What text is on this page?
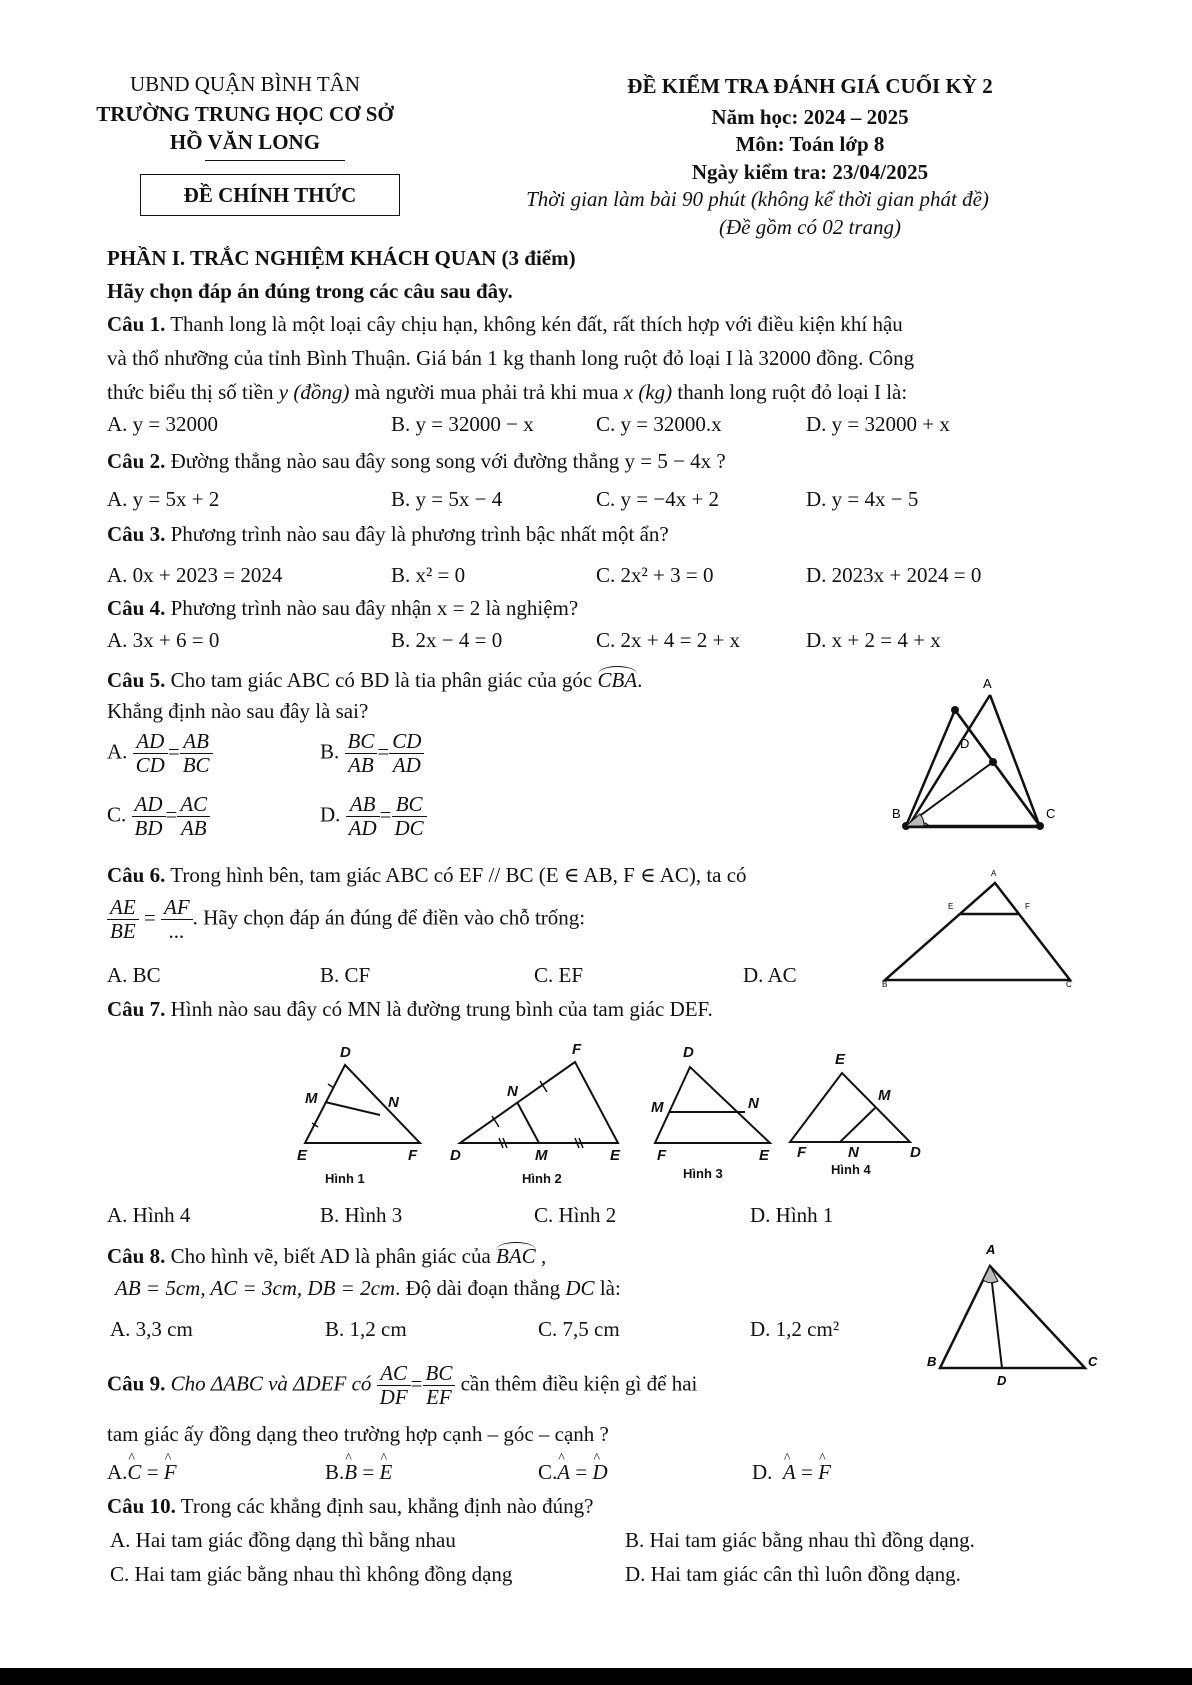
UBND QUẬN BÌNH TÂN
TRƯỜNG TRUNG HỌC CƠ SỞ
HỒ VĂN LONG
ĐỀ CHÍNH THỨC
ĐỀ KIỂM TRA ĐÁNH GIÁ CUỐI KỲ 2
Năm học: 2024 – 2025
Môn: Toán lớp 8
Ngày kiểm tra: 23/04/2025
Thời gian làm bài 90 phút (không kể thời gian phát đề)
(Đề gồm có 02 trang)
PHẦN I. TRẮC NGHIỆM KHÁCH QUAN (3 điểm)
Hãy chọn đáp án đúng trong các câu sau đây.
Câu 1. Thanh long là một loại cây chịu hạn, không kén đất, rất thích hợp với điều kiện khí hậu
và thổ nhưỡng của tỉnh Bình Thuận. Giá bán 1 kg thanh long ruột đỏ loại I là 32000 đồng. Công
thức biểu thị số tiền y (đồng) mà người mua phải trả khi mua x (kg) thanh long ruột đỏ loại I là:
A. y = 32000	B. y = 32000 − x	C. y = 32000.x	D. y = 32000 + x
Câu 2. Đường thẳng nào sau đây song song với đường thẳng y = 5 − 4x ?
A. y = 5x + 2	B. y = 5x − 4	C. y = −4x + 2	D. y = 4x − 5
Câu 3. Phương trình nào sau đây là phương trình bậc nhất một ẩn?
A. 0x + 2023 = 2024	B. x² = 0	C. 2x² + 3 = 0	D. 2023x + 2024 = 0
Câu 4. Phương trình nào sau đây nhận x = 2 là nghiệm?
A. 3x + 6 = 0	B. 2x − 4 = 0	C. 2x + 4 = 2 + x	D. x + 2 = 4 + x
Câu 5. Cho tam giác ABC có BD là tia phân giác của góc CBA.
Khẳng định nào sau đây là sai?
A. $\frac{AD}{CD} = \frac{AB}{BC}$	B. $\frac{BC}{AB} = \frac{CD}{AD}$
C. $\frac{AD}{BD} = \frac{AC}{AB}$	D. $\frac{AB}{AD} = \frac{BC}{DC}$
A
B	C
D
Câu 6. Trong hình bên, tam giác ABC có EF // BC (E ∈ AB, F ∈ AC), ta có
$\frac{AE}{BE} = \frac{AF}{...}$ . Hãy chọn đáp án đúng để điền vào chỗ trống:
A. BC	B. CF	C. EF	D. AC
A
E	F
B	C
Câu 7. Hình nào sau đây có MN là đường trung bình của tam giác DEF.
D
M	N
E	F
Hình 1
F
N
D	M	E
Hình 2
D
M	N
F	E
Hình 3
E
M
F	N	D
Hình 4
A. Hình 4	B. Hình 3	C. Hình 2	D. Hình 1
Câu 8. Cho hình vẽ, biết AD là phân giác của BAC ,
AB = 5cm, AC = 3cm, DB = 2cm. Độ dài đoạn thẳng DC là:
A. 3,3 cm	B. 1,2 cm	C. 7,5 cm	D. 1,2 cm²
A
B
D
C
Câu 9. Cho ΔABC và ΔDEF có $\frac{AC}{DF} = \frac{BC}{EF}$ cần thêm điều kiện gì để hai
tam giác ấy đồng dạng theo trường hợp cạnh – góc – cạnh ?
A.^ C = ^ F	B.^ B = ^ E	C.^ A = ^ D	D.  ^ A = ^ F
Câu 10. Trong các khẳng định sau, khẳng định nào đúng?
A. Hai tam giác đồng dạng thì bằng nhau	B. Hai tam giác bằng nhau thì đồng dạng.
C. Hai tam giác bằng nhau thì không đồng dạng	D. Hai tam giác cân thì luôn đồng dạng.
